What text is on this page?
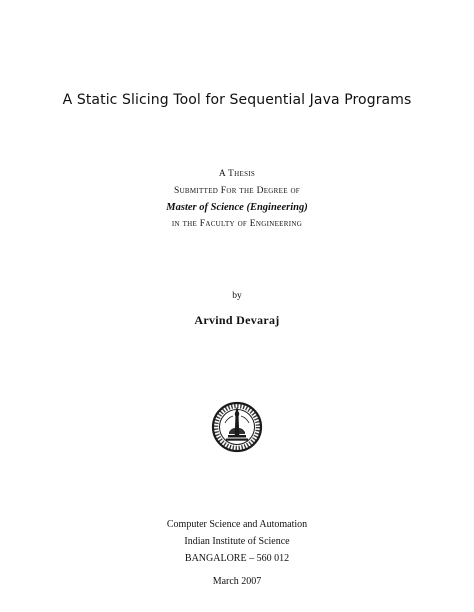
A Static Slicing Tool for Sequential Java Programs
A Thesis
Submitted For the Degree of
Master of Science (Engineering)
in the Faculty of Engineering
by
Arvind Devaraj
Computer Science and Automation
Indian Institute of Science
BANGALORE – 560 012
March 2007
